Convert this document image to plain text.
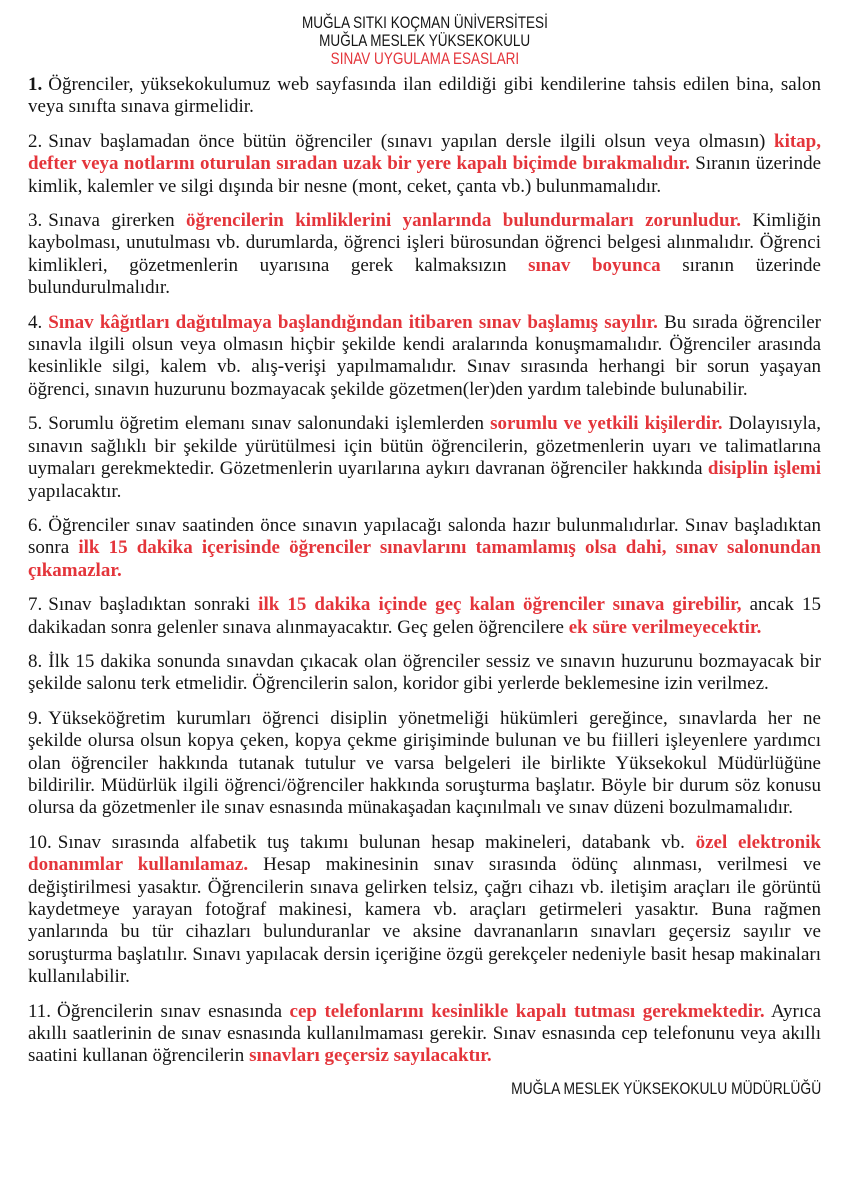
MUĞLA SITKI KOÇMAN ÜNİVERSİTESİ
MUĞLA MESLEK YÜKSEKOKULU
SINAV UYGULAMA ESASLARI
1. Öğrenciler, yüksekokulumuz web sayfasında ilan edildiği gibi kendilerine tahsis edilen bina, salon veya sınıfta sınava girmelidir.
2. Sınav başlamadan önce bütün öğrenciler (sınavı yapılan dersle ilgili olsun veya olmasın) kitap, defter veya notlarını oturulan sıradan uzak bir yere kapalı biçimde bırakmalıdır. Sıranın üzerinde kimlik, kalemler ve silgi dışında bir nesne (mont, ceket, çanta vb.) bulunmamalıdır.
3. Sınava girerken öğrencilerin kimliklerini yanlarında bulundurmaları zorunludur. Kimliğin kaybolması, unutulması vb. durumlarda, öğrenci işleri bürosundan öğrenci belgesi alınmalıdır. Öğrenci kimlikleri, gözetmenlerin uyarısına gerek kalmaksızın sınav boyunca sıranın üzerinde bulundurulmalıdır.
4. Sınav kâğıtları dağıtılmaya başlandığından itibaren sınav başlamış sayılır. Bu sırada öğrenciler sınavla ilgili olsun veya olmasın hiçbir şekilde kendi aralarında konuşmamalıdır. Öğrenciler arasında kesinlikle silgi, kalem vb. alış-verişi yapılmamalıdır. Sınav sırasında herhangi bir sorun yaşayan öğrenci, sınavın huzurunu bozmayacak şekilde gözetmen(ler)den yardım talebinde bulunabilir.
5. Sorumlu öğretim elemanı sınav salonundaki işlemlerden sorumlu ve yetkili kişilerdir. Dolayısıyla, sınavın sağlıklı bir şekilde yürütülmesi için bütün öğrencilerin, gözetmenlerin uyarı ve talimatlarına uymaları gerekmektedir. Gözetmenlerin uyarılarına aykırı davranan öğrenciler hakkında disiplin işlemi yapılacaktır.
6. Öğrenciler sınav saatinden önce sınavın yapılacağı salonda hazır bulunmalıdırlar. Sınav başladıktan sonra ilk 15 dakika içerisinde öğrenciler sınavlarını tamamlamış olsa dahi, sınav salonundan çıkamazlar.
7. Sınav başladıktan sonraki ilk 15 dakika içinde geç kalan öğrenciler sınava girebilir, ancak 15 dakikadan sonra gelenler sınava alınmayacaktır. Geç gelen öğrencilere ek süre verilmeyecektir.
8. İlk 15 dakika sonunda sınavdan çıkacak olan öğrenciler sessiz ve sınavın huzurunu bozmayacak bir şekilde salonu terk etmelidir. Öğrencilerin salon, koridor gibi yerlerde beklemesine izin verilmez.
9. Yükseköğretim kurumları öğrenci disiplin yönetmeliği hükümleri gereğince, sınavlarda her ne şekilde olursa olsun kopya çeken, kopya çekme girişiminde bulunan ve bu fiilleri işleyenlere yardımcı olan öğrenciler hakkında tutanak tutulur ve varsa belgeleri ile birlikte Yüksekokul Müdürlüğüne bildirilir. Müdürlük ilgili öğrenci/öğrenciler hakkında soruşturma başlatır. Böyle bir durum söz konusu olursa da gözetmenler ile sınav esnasında münakaşadan kaçınılmalı ve sınav düzeni bozulmamalıdır.
10. Sınav sırasında alfabetik tuş takımı bulunan hesap makineleri, databank vb. özel elektronik donanımlar kullanılamaz. Hesap makinesinin sınav sırasında ödünç alınması, verilmesi ve değiştirilmesi yasaktır. Öğrencilerin sınava gelirken telsiz, çağrı cihazı vb. iletişim araçları ile görüntü kaydetmeye yarayan fotoğraf makinesi, kamera vb. araçları getirmeleri yasaktır. Buna rağmen yanlarında bu tür cihazları bulunduranlar ve aksine davrananların sınavları geçersiz sayılır ve soruşturma başlatılır. Sınavı yapılacak dersin içeriğine özgü gerekçeler nedeniyle basit hesap makinaları kullanılabilir.
11. Öğrencilerin sınav esnasında cep telefonlarını kesinlikle kapalı tutması gerekmektedir. Ayrıca akıllı saatlerinin de sınav esnasında kullanılmaması gerekir. Sınav esnasında cep telefonunu veya akıllı saatini kullanan öğrencilerin sınavları geçersiz sayılacaktır.
MUĞLA MESLEK YÜKSEKOKULU MÜDÜRLÜĞÜ
